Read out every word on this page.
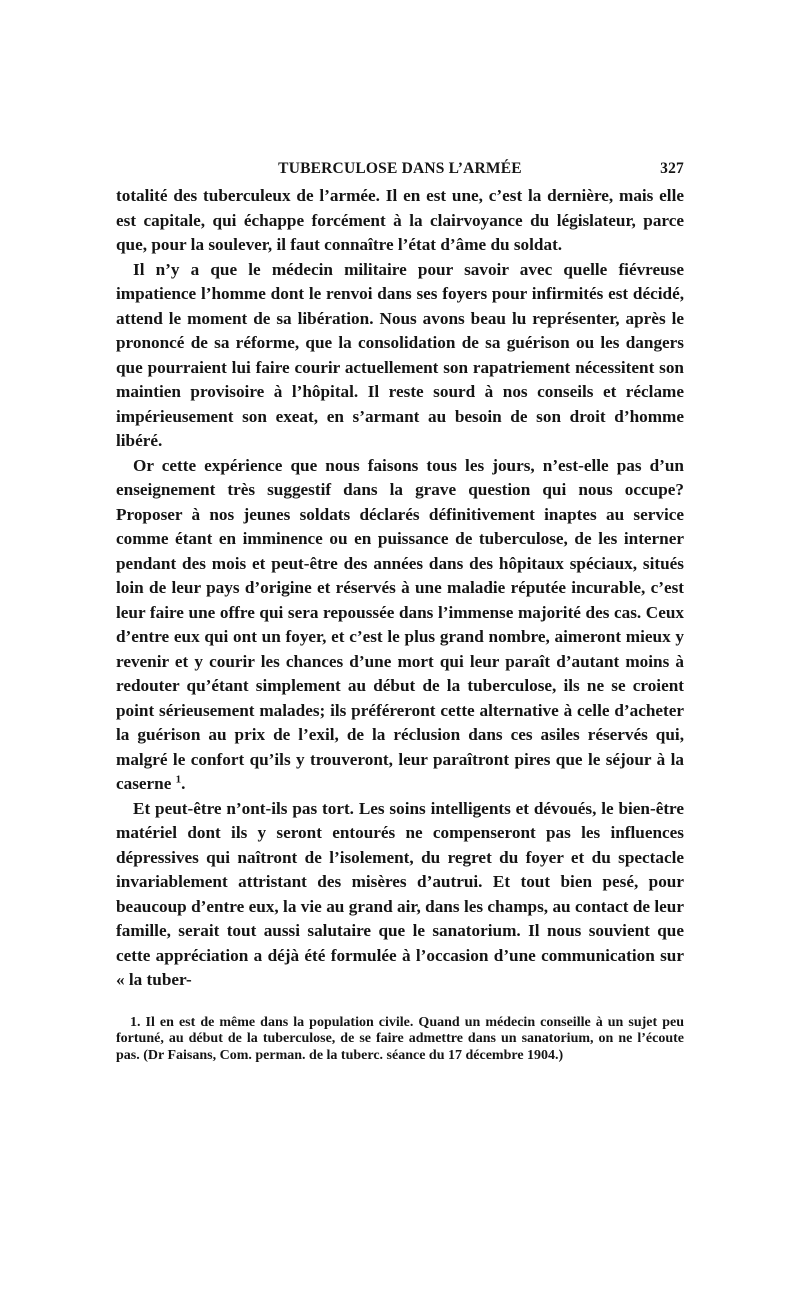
TUBERCULOSE DANS L’ARMÉE	327

totalité des tuberculeux de l’armée. Il en est une, c’est la dernière, mais elle est capitale, qui échappe forcément à la clairvoyance du législateur, parce que, pour la soulever, il faut connaître l’état d’âme du soldat.

Il n’y a que le médecin militaire pour savoir avec quelle fiévreuse impatience l’homme dont le renvoi dans ses foyers pour infirmités est décidé, attend le moment de sa libération. Nous avons beau lu représenter, après le prononcé de sa réforme, que la consolidation de sa guérison ou les dangers que pourraient lui faire courir actuellement son rapatriement nécessitent son maintien provisoire à l’hôpital. Il reste sourd à nos conseils et réclame impérieusement son exeat, en s’armant au besoin de son droit d’homme libéré.

Or cette expérience que nous faisons tous les jours, n’est-elle pas d’un enseignement très suggestif dans la grave question qui nous occupe? Proposer à nos jeunes soldats déclarés définitivement inaptes au service comme étant en imminence ou en puissance de tuberculose, de les interner pendant des mois et peut-être des années dans des hôpitaux spéciaux, situés loin de leur pays d’origine et réservés à une maladie réputée incurable, c’est leur faire une offre qui sera repoussée dans l’immense majorité des cas. Ceux d’entre eux qui ont un foyer, et c’est le plus grand nombre, aimeront mieux y revenir et y courir les chances d’une mort qui leur paraît d’autant moins à redouter qu’étant simplement au début de la tuberculose, ils ne se croient point sérieusement malades; ils préféreront cette alternative à celle d’acheter la guérison au prix de l’exil, de la réclusion dans ces asiles réservés qui, malgré le confort qu’ils y trouveront, leur paraîtront pires que le séjour à la caserne $^1$.

Et peut-être n’ont-ils pas tort. Les soins intelligents et dévoués, le bien-être matériel dont ils y seront entourés ne compenseront pas les influences dépressives qui naîtront de l’isolement, du regret du foyer et du spectacle invariablement attristant des misères d’autrui. Et tout bien pesé, pour beaucoup d’entre eux, la vie au grand air, dans les champs, au contact de leur famille, serait tout aussi salutaire que le sanatorium. Il nous souvient que cette appréciation a déjà été formulée à l’occasion d’une communication sur « la tuber-

1. Il en est de même dans la population civile. Quand un médecin conseille à un sujet peu fortuné, au début de la tuberculose, de se faire admettre dans un sanatorium, on ne l’écoute pas. (Dr Faisans, Com. perman. de la tuberc. séance du 17 décembre 1904.)
